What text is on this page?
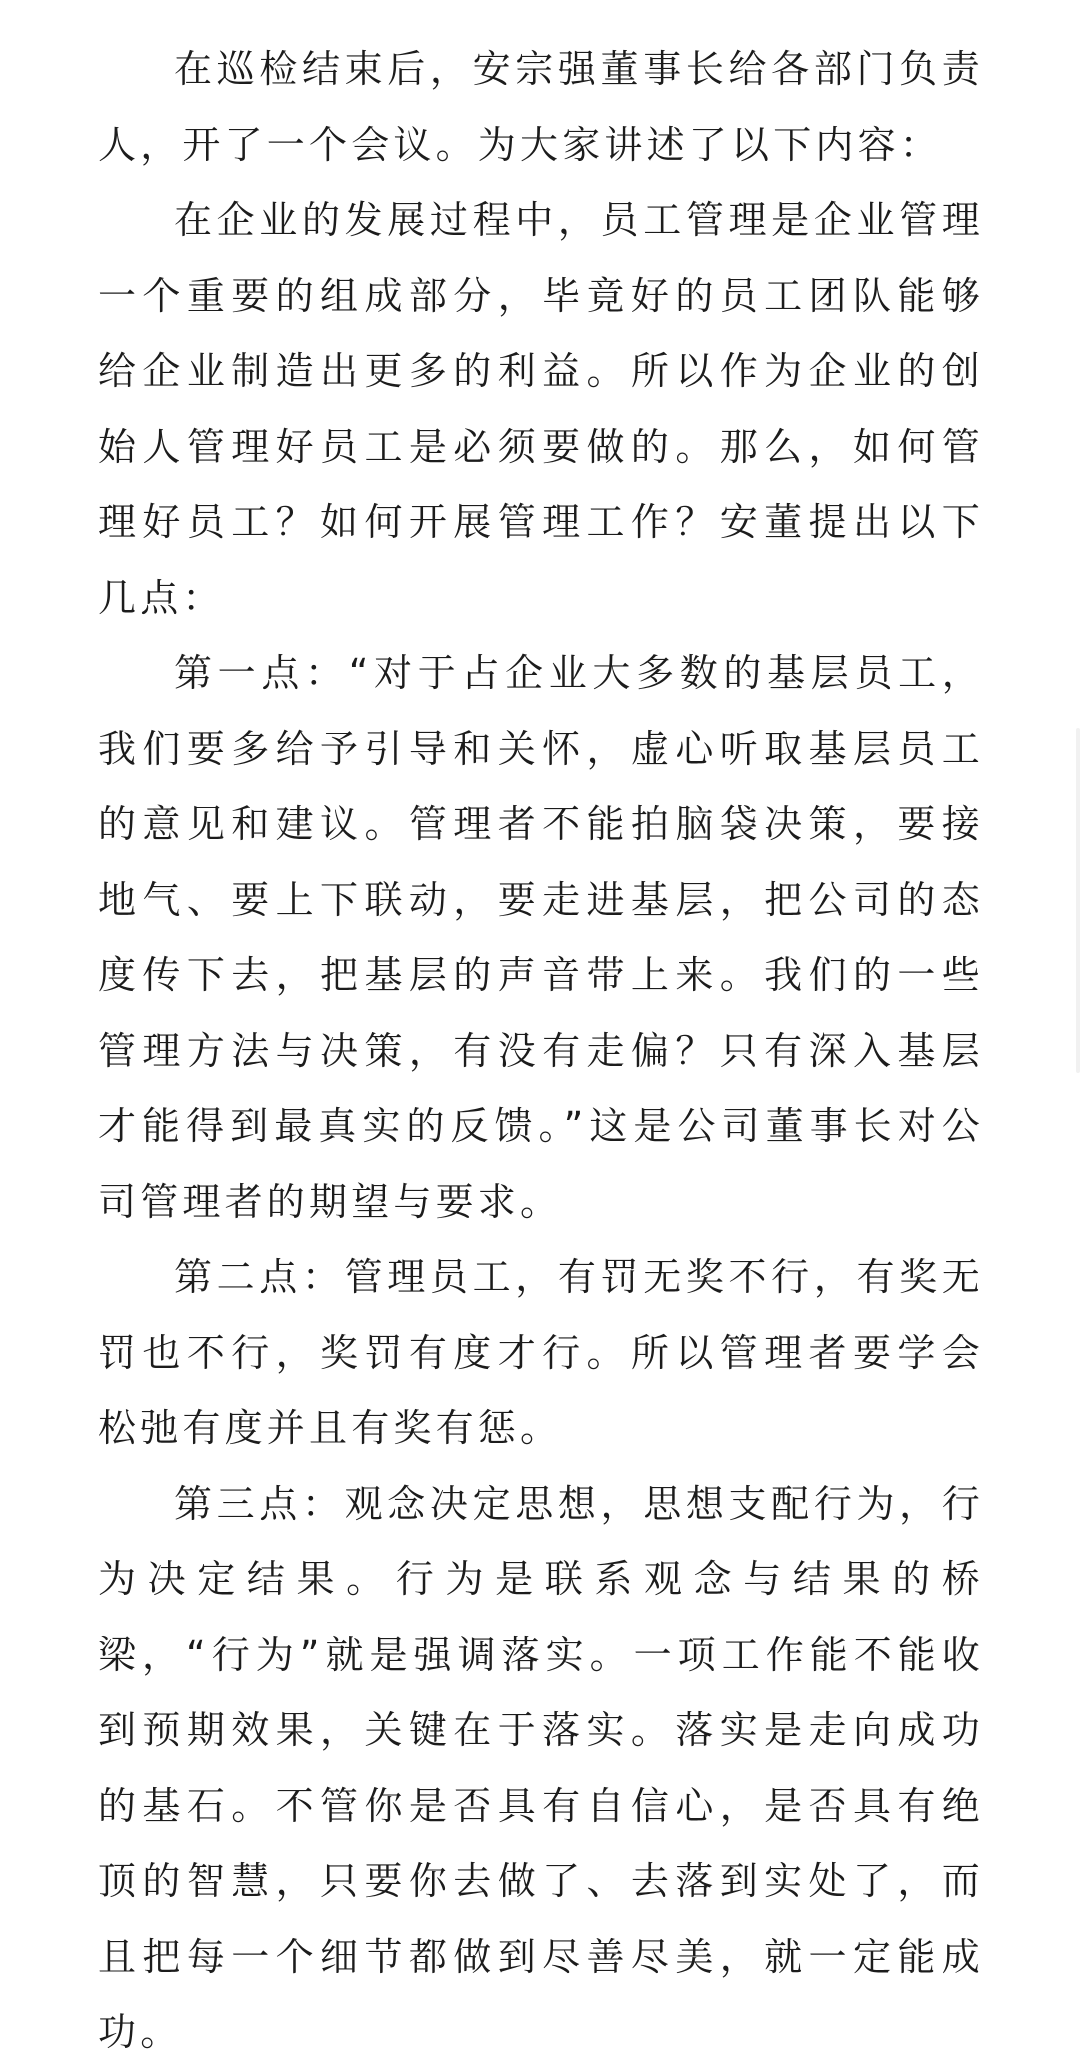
在巡检结束后，安宗强董事长给各部门负责人，开了一个会议。为大家讲述了以下内容：

在企业的发展过程中，员工管理是企业管理一个重要的组成部分，毕竟好的员工团队能够给企业制造出更多的利益。所以作为企业的创始人管理好员工是必须要做的。那么，如何管理好员工？如何开展管理工作？安董提出以下几点：

第一点：“对于占企业大多数的基层员工，我们要多给予引导和关怀，虚心听取基层员工的意见和建议。管理者不能拍脑袋决策，要接地气、要上下联动，要走进基层，把公司的态度传下去，把基层的声音带上来。我们的一些管理方法与决策，有没有走偏？只有深入基层才能得到最真实的反馈。”这是公司董事长对公司管理者的期望与要求。

第二点：管理员工，有罚无奖不行，有奖无罚也不行，奖罚有度才行。所以管理者要学会松弛有度并且有奖有惩。

第三点：观念决定思想，思想支配行为，行为决定结果。行为是联系观念与结果的桥梁，“行为”就是强调落实。一项工作能不能收到预期效果，关键在于落实。落实是走向成功的基石。不管你是否具有自信心，是否具有绝顶的智慧，只要你去做了、去落到实处了，而且把每一个细节都做到尽善尽美，就一定能成功。
